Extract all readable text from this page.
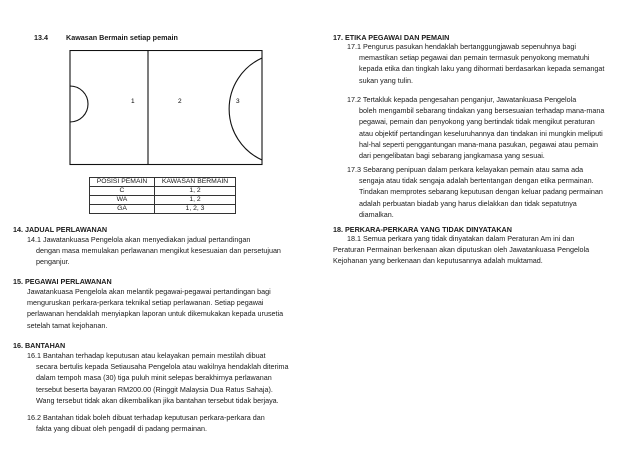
13.4	Kawasan Bermain setiap pemain
1	2	3
POSISI PEMAIN	KAWASAN BERMAIN
C	1, 2
WA	1, 2
GA	1, 2, 3
14. JADUAL PERLAWANAN
14.1 Jawatankuasa Pengelola akan menyediakan jadual pertandingan
dengan masa memulakan perlawanan mengikut kesesuaian dan persetujuan
penganjur.
15. PEGAWAI PERLAWANAN
Jawatankuasa Pengelola akan melantik pegawai-pegawai pertandingan bagi
menguruskan perkara-perkara teknikal setiap perlawanan. Setiap pegawai
perlawanan hendaklah menyiapkan laporan untuk dikemukakan kepada urusetia
setelah tamat kejohanan.
16. BANTAHAN
16.1 Bantahan terhadap keputusan atau kelayakan pemain mestilah dibuat
secara bertulis kepada Setiausaha Pengelola atau wakilnya hendaklah diterima
dalam tempoh masa (30) tiga puluh minit selepas berakhirnya perlawanan
tersebut beserta bayaran RM200.00 (Ringgit Malaysia Dua Ratus Sahaja).
Wang tersebut tidak akan dikembalikan jika bantahan tersebut tidak berjaya.
16.2 Bantahan tidak boleh dibuat terhadap keputusan perkara-perkara dan
fakta yang dibuat oleh pengadil di padang permainan.
17. ETIKA PEGAWAI DAN PEMAIN
17.1 Pengurus pasukan hendaklah bertanggungjawab sepenuhnya bagi
memastikan setiap pegawai dan pemain termasuk penyokong mematuhi
kepada etika dan tingkah laku yang dihormati berdasarkan kepada semangat
sukan yang tulin.
17.2 Tertakluk kepada pengesahan penganjur, Jawatankuasa Pengelola
boleh mengambil sebarang tindakan yang bersesuaian terhadap mana-mana
pegawai, pemain dan penyokong yang bertindak tidak mengikut peraturan
atau objektif pertandingan keseluruhannya dan tindakan ini mungkin meliputi
hal-hal seperti penggantungan mana-mana pasukan, pegawai atau pemain
dari pengelibatan bagi sebarang jangkamasa yang sesuai.
17.3 Sebarang penipuan dalam perkara kelayakan pemain atau sama ada
sengaja atau tidak sengaja adalah bertentangan dengan etika permainan.
Tindakan memprotes sebarang keputusan dengan keluar padang permainan
adalah perbuatan biadab yang harus dielakkan dan tidak sepatutnya
diamalkan.
18. PERKARA-PERKARA YANG TIDAK DINYATAKAN
18.1 Semua perkara yang tidak dinyatakan dalam Peraturan Am ini dan
Peraturan Permainan berkenaan akan diputuskan oleh Jawatankuasa Pengelola
Kejohanan yang berkenaan dan keputusannya adalah muktamad.
